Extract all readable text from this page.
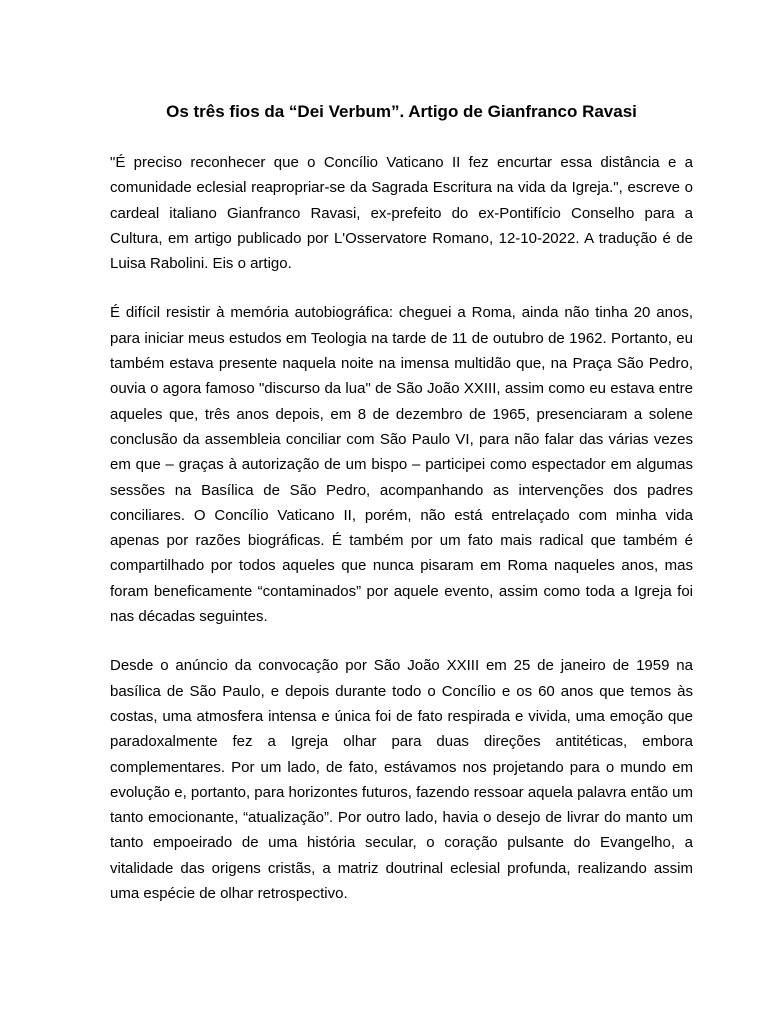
Os três fios da “Dei Verbum”. Artigo de Gianfranco Ravasi

"É preciso reconhecer que o Concílio Vaticano II fez encurtar essa distância e a comunidade eclesial reapropriar-se da Sagrada Escritura na vida da Igreja.", escreve o cardeal italiano Gianfranco Ravasi, ex-prefeito do ex-Pontifício Conselho para a Cultura, em artigo publicado por L'Osservatore Romano, 12-10-2022. A tradução é de Luisa Rabolini. Eis o artigo.

É difícil resistir à memória autobiográfica: cheguei a Roma, ainda não tinha 20 anos, para iniciar meus estudos em Teologia na tarde de 11 de outubro de 1962. Portanto, eu também estava presente naquela noite na imensa multidão que, na Praça São Pedro, ouvia o agora famoso "discurso da lua" de São João XXIII, assim como eu estava entre aqueles que, três anos depois, em 8 de dezembro de 1965, presenciaram a solene conclusão da assembleia conciliar com São Paulo VI, para não falar das várias vezes em que – graças à autorização de um bispo – participei como espectador em algumas sessões na Basílica de São Pedro, acompanhando as intervenções dos padres conciliares. O Concílio Vaticano II, porém, não está entrelaçado com minha vida apenas por razões biográficas. É também por um fato mais radical que também é compartilhado por todos aqueles que nunca pisaram em Roma naqueles anos, mas foram beneficamente “contaminados” por aquele evento, assim como toda a Igreja foi nas décadas seguintes.

Desde o anúncio da convocação por São João XXIII em 25 de janeiro de 1959 na basílica de São Paulo, e depois durante todo o Concílio e os 60 anos que temos às costas, uma atmosfera intensa e única foi de fato respirada e vivida, uma emoção que paradoxalmente fez a Igreja olhar para duas direções antitéticas, embora complementares. Por um lado, de fato, estávamos nos projetando para o mundo em evolução e, portanto, para horizontes futuros, fazendo ressoar aquela palavra então um tanto emocionante, “atualização”. Por outro lado, havia o desejo de livrar do manto um tanto empoeirado de uma história secular, o coração pulsante do Evangelho, a vitalidade das origens cristãs, a matriz doutrinal eclesial profunda, realizando assim uma espécie de olhar retrospectivo.
